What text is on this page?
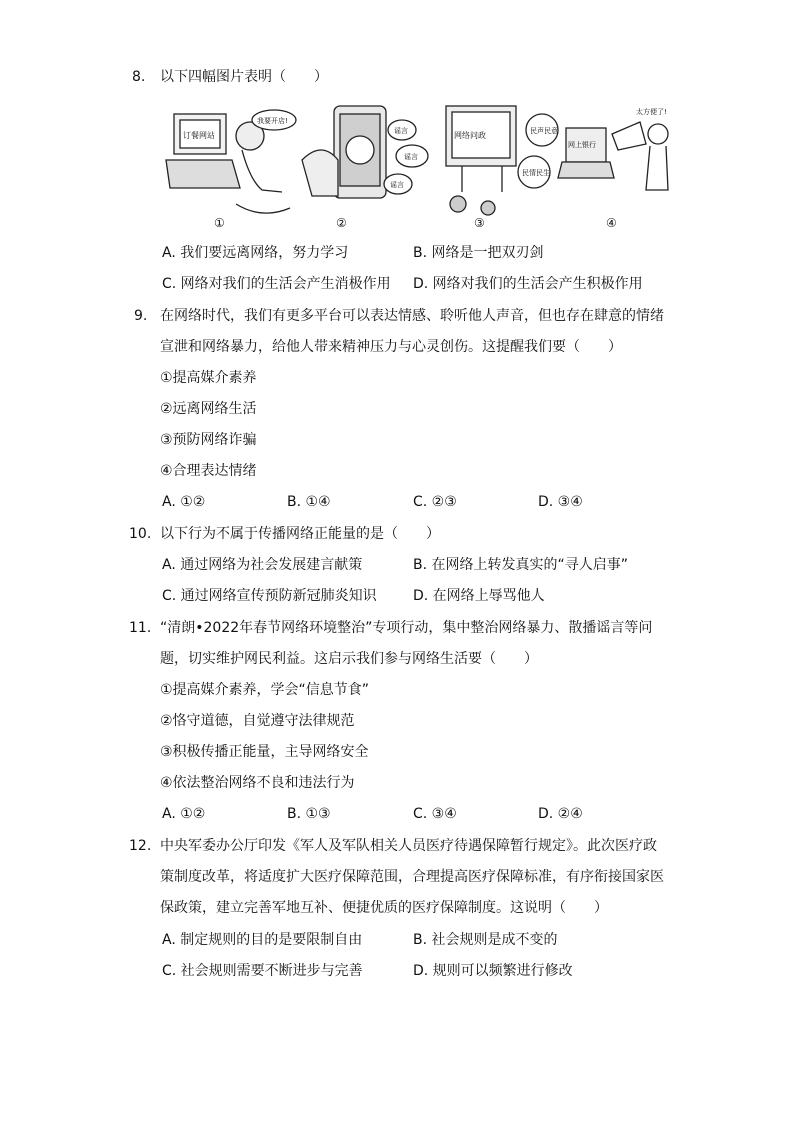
8. 以下四幅图片表明（　　）
订餐网站
我要开店!
谣言
谣言
谣言
网络问政	民声民意
民情民生
网上银行
太方便了!
①	②	③	④
A. 我们要远离网络，努力学习	B. 网络是一把双刃剑
C. 网络对我们的生活会产生消极作用 D. 网络对我们的生活会产生积极作用
9. 在网络时代，我们有更多平台可以表达情感、聆听他人声音，但也存在肆意的情绪
宣泄和网络暴力，给他人带来精神压力与心灵创伤。这提醒我们要（　　）
①提高媒介素养
②远离网络生活
③预防网络诈骗
④合理表达情绪
A. ①②	B. ①④	C. ②③	D. ③④
10. 以下行为不属于传播网络正能量的是（　　）
A. 通过网络为社会发展建言献策	B. 在网络上转发真实的“寻人启事”
C. 通过网络宣传预防新冠肺炎知识	D. 在网络上辱骂他人
11. “清朗•2022年春节网络环境整治”专项行动，集中整治网络暴力、散播谣言等问
题，切实维护网民利益。这启示我们参与网络生活要（　　）
①提高媒介素养，学会“信息节食”
②恪守道德，自觉遵守法律规范
③积极传播正能量，主导网络安全
④依法整治网络不良和违法行为
A. ①②	B. ①③	C. ③④	D. ②④
12. 中央军委办公厅印发《军人及军队相关人员医疗待遇保障暂行规定》。此次医疗政
策制度改革，将适度扩大医疗保障范围，合理提高医疗保障标准，有序衔接国家医
保政策，建立完善军地互补、便捷优质的医疗保障制度。这说明（　　）
A. 制定规则的目的是要限制自由	B. 社会规则是成不变的
C. 社会规则需要不断进步与完善	D. 规则可以频繁进行修改
